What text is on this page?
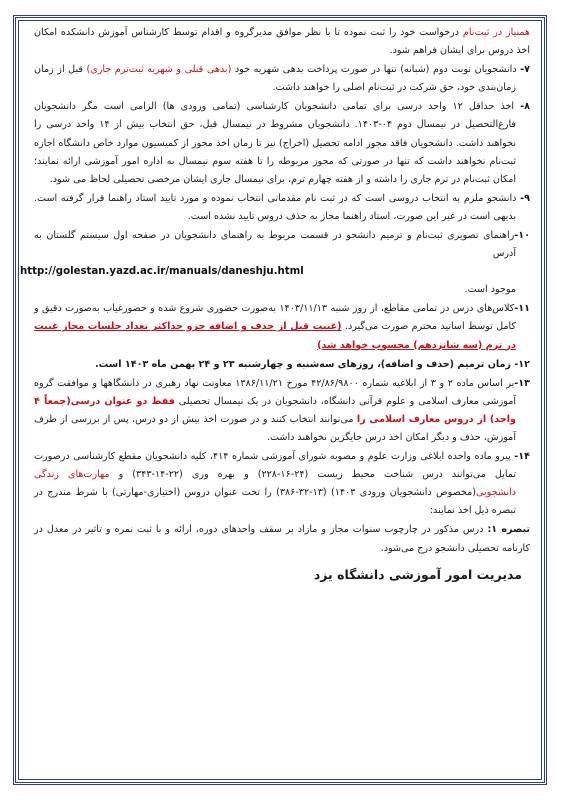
همنیاز در ثبت‌نام درخواست خود را ثبت نموده تا با نظر موافق مدیرگروه و اقدام توسط کارشناس آموزش دانشکده امکان اخذ دروس برای ایشان فراهم شود.

۷- دانشجویان نوبت دوم (شبانه) تنها در صورت پرداخت بدهی شهریه خود (بدهی قبلی و شهریه ثبت‌ترم جاری) قبل از زمان زمان‌بندی خود، حق شرکت در ثبت‌نام اصلی را خواهند داشت.

۸- اخذ حداقل ۱۲ واحد درسی برای تمامی دانشجویان کارشناسی (تمامی ورودی ها) الزامی است مگر دانشجویان فارغ‌التحصیل در نیمسال دوم ۰۴-۱۴۰۳. دانشجویان مشروط در نیمسال قبل، حق انتخاب بیش از ۱۴ واحد درسی را نخواهند داشت. دانشجویان فاقد مجوز ادامه تحصیل (اخراج) نیز تا زمان اخذ مجوز از کمیسیون موارد خاص دانشگاه اجازه ثبت‌نام نخواهند داشت که تنها در صورتی که مجوز مربوطه را تا هفته سوم نیمسال به اداره امور آموزشی ارائه نمایند؛ امکان ثبت‌نام در ترم جاری را داشته و از هفته چهارم ترم، برای نیمسال جاری ایشان مرخصی تحصیلی لحاظ می شود.

۹- دانشجو ملزم به انتخاب دروسی است که در ثبت نام مقدماتی انتخاب نموده و مورد تایید استاد راهنما قرار گرفته است. بدیهی است در غیر این صورت، استاد راهنما مجاز به حذف دروس تایید نشده است.

۱۰-راهنمای تصویری ثبت‌نام و ترمیم دانشجو در قسمت مربوط به راهنمای دانشجویان در صفحه اول سیستم گلستان به آدرس
http://golestan.yazd.ac.ir/manuals/daneshju.html
موجود است.

۱۱-کلاس‌های درس در تمامی مقاطع، از روز شنبه ۱۴۰۳/۱۱/۱۳ به‌صورت حضوری شروع شده و حضورغیاب به‌صورت دقیق و کامل توسط اساتید محترم صورت می‌گیرد. (غیبت قبل از حذف و اضافه جزو حداکثر تعداد جلسات مجاز غیبت در ترم (سه شانزدهم) محسوب خواهد شد)

۱۲- زمان ترمیم (حذف و اضافه)، روزهای سه‌شنبه و چهارشنبه ۲۳ و ۲۴ بهمن ماه ۱۴۰۳ است.

۱۳-بر اساس ماده ۲ و ۳ از ابلاغیه شماره ۴۲/۸۶/۹۸۰۰ مورخ ۱۳۸۶/۱۱/۲۱ معاونت نهاد رهبری در دانشگاهها و موافقت گروه آموزشی معارف اسلامی و علوم قرآنی دانشگاه، دانشجویان در یک نیمسال تحصیلی فقط دو عنوان درسی(جمعاً ۴ واحد) از دروس معارف اسلامی را می‌توانند انتخاب کنند و در صورت اخذ بیش از دو درس، پس از بررسی از طرف آموزش، حذف و دیگر امکان اخذ درس جایگزین نخواهند داشت.

۱۴- پیرو ماده واحده ابلاغی وزارت علوم و مصوبه شورای آموزشی شماره ۴۱۴، کلیه دانشجویان مقطع کارشناسی درصورت تمایل می‌توانند درس شناخت محیط زیست (۲۴-۱۶-۲۲۸) و بهره وری (۲۲-۱۴-۳۴۳) و مهارت‌های زندگی دانشجویی(مخصوص دانشجویان ورودی ۱۴۰۳) (۱۳-۳۲-۳۸۶) را تحت عنوان دروس (اختیاری-مهارتی) با شرط مندرج در تبصره ذیل اخذ نمایند:

تبصره ۱: درس مذکور در چارچوب سنوات مجاز و مازاد بر سقف واحدهای دوره، ارائه و با ثبت نمره و تاثیر در معدل در کارنامه تحصیلی دانشجو درج می‌شود.

مدیریت امور آموزشی دانشگاه یزد
